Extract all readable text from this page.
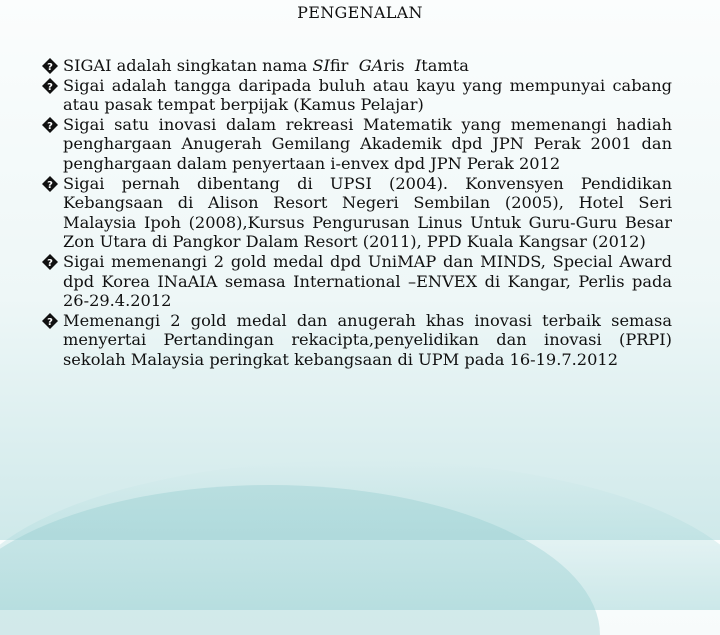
PENGENALAN

? SIGAI adalah singkatan nama SIfir  GAris  Itamta

? Sigai adalah tangga daripada buluh atau kayu yang mempunyai cabang atau pasak tempat berpijak (Kamus Pelajar)

? Sigai satu inovasi dalam rekreasi Matematik yang memenangi hadiah penghargaan Anugerah Gemilang Akademik dpd JPN Perak 2001 dan penghargaan dalam penyertaan i-envex dpd JPN Perak 2012

? Sigai pernah dibentang di UPSI (2004). Konvensyen Pendidikan Kebangsaan di Alison Resort Negeri Sembilan (2005), Hotel Seri Malaysia Ipoh (2008),Kursus Pengurusan Linus Untuk Guru-Guru Besar Zon Utara di Pangkor Dalam Resort (2011), PPD Kuala Kangsar (2012)

? Sigai memenangi 2 gold medal dpd UniMAP dan MINDS, Special Award dpd Korea INaAIA semasa International –ENVEX di Kangar, Perlis pada 26-29.4.2012

? Memenangi 2 gold medal dan anugerah khas inovasi terbaik semasa menyertai Pertandingan rekacipta,penyelidikan dan inovasi (PRPI) sekolah Malaysia peringkat kebangsaan di UPM pada 16-19.7.2012
